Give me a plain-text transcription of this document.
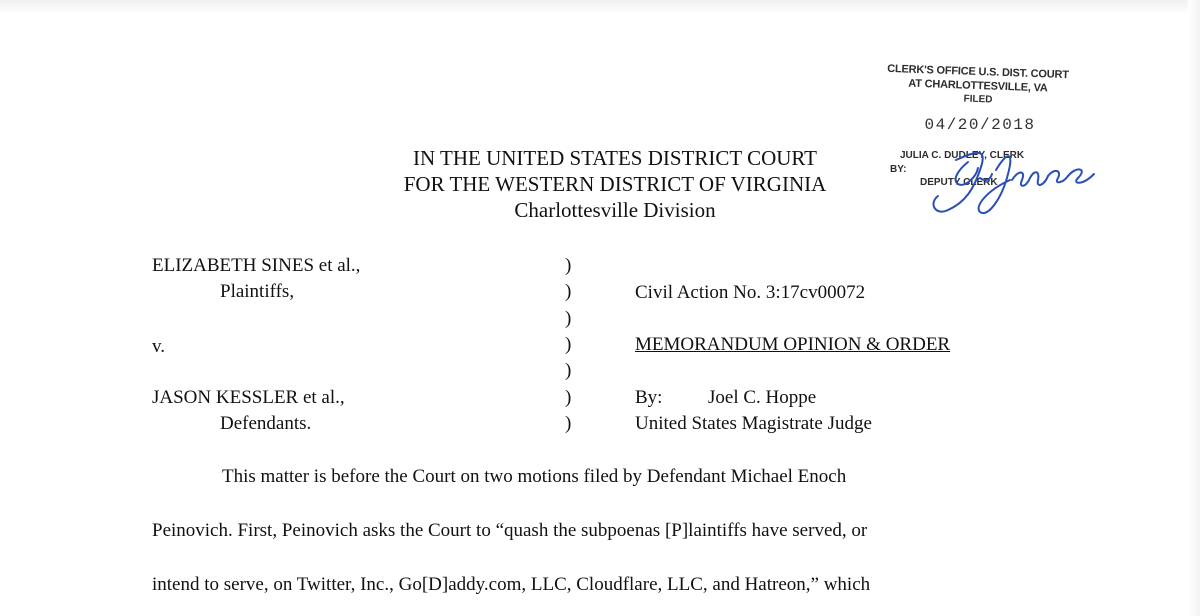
CLERK'S OFFICE U.S. DIST. COURT
AT CHARLOTTESVILLE, VA
FILED
04/20/2018
JULIA C. DUDLEY, CLERK
BY:
DEPUTY CLERK
IN THE UNITED STATES DISTRICT COURT
FOR THE WESTERN DISTRICT OF VIRGINIA
Charlottesville Division
ELIZABETH SINES et al.,
Plaintiffs,
v.
JASON KESSLER et al.,
Defendants.
)
)
)
)
)
)
)
Civil Action No. 3:17cv00072
MEMORANDUM OPINION & ORDER
By: Joel C. Hoppe
United States Magistrate Judge
This matter is before the Court on two motions filed by Defendant Michael Enoch
Peinovich. First, Peinovich asks the Court to “quash the subpoenas [P]laintiffs have served, or
intend to serve, on Twitter, Inc., Go[D]addy.com, LLC, Cloudflare, LLC, and Hatreon,” which
